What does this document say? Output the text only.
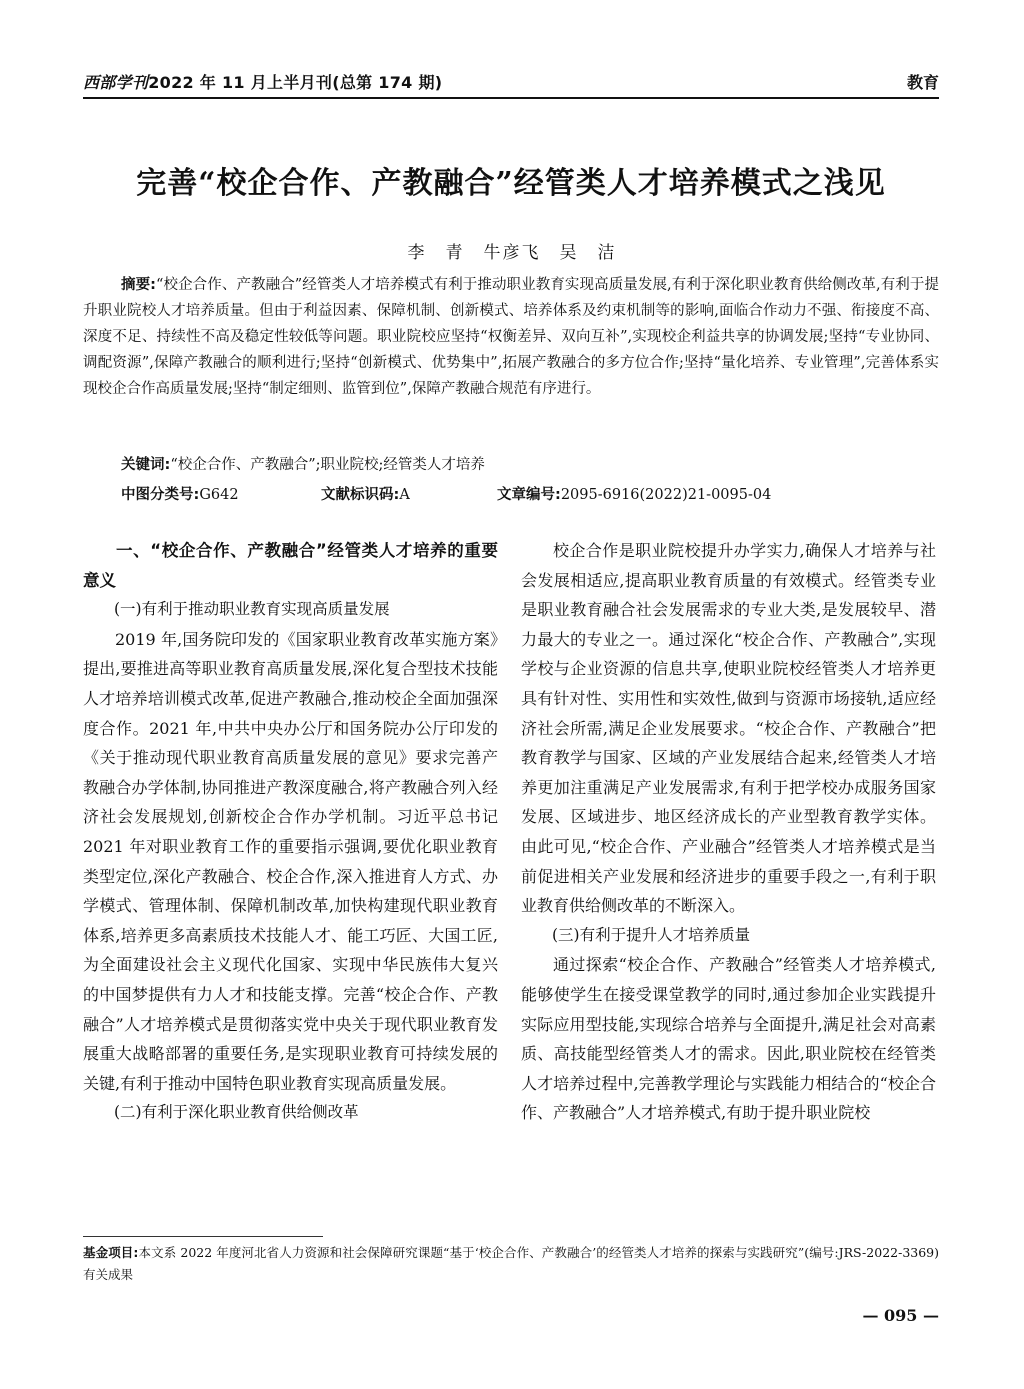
西部学刊2022 年 11 月上半月刊(总第 174 期)	教育
完善“校企合作、产教融合”经管类人才培养模式之浅见
李　青　牛彦飞　吴　洁

摘要:“校企合作、产教融合”经管类人才培养模式有利于推动职业教育实现高质量发展,有利于深化职业教育供给侧改革,有利于提升职业院校人才培养质量。但由于利益因素、保障机制、创新模式、培养体系及约束机制等的影响,面临合作动力不强、衔接度不高、深度不足、持续性不高及稳定性较低等问题。职业院校应坚持“权衡差异、双向互补”,实现校企利益共享的协调发展;坚持“专业协同、调配资源”,保障产教融合的顺利进行;坚持“创新模式、优势集中”,拓展产教融合的多方位合作;坚持“量化培养、专业管理”,完善体系实现校企合作高质量发展;坚持“制定细则、监管到位”,保障产教融合规范有序进行。

关键词:“校企合作、产教融合”;职业院校;经管类人才培养
中图分类号:G642	文献标识码:A	文章编号:2095-6916(2022)21-0095-04
一、“校企合作、产教融合”经管类人才培养的重要意义
(一)有利于推动职业教育实现高质量发展

2019 年,国务院印发的《国家职业教育改革实施方案》提出,要推进高等职业教育高质量发展,深化复合型技术技能人才培养培训模式改革,促进产教融合,推动校企全面加强深度合作。2021 年,中共中央办公厅和国务院办公厅印发的《关于推动现代职业教育高质量发展的意见》要求完善产教融合办学体制,协同推进产教深度融合,将产教融合列入经济社会发展规划,创新校企合作办学机制。习近平总书记 2021 年对职业教育工作的重要指示强调,要优化职业教育类型定位,深化产教融合、校企合作,深入推进育人方式、办学模式、管理体制、保障机制改革,加快构建现代职业教育体系,培养更多高素质技术技能人才、能工巧匠、大国工匠,为全面建设社会主义现代化国家、实现中华民族伟大复兴的中国梦提供有力人才和技能支撑。完善“校企合作、产教融合”人才培养模式是贯彻落实党中央关于现代职业教育发展重大战略部署的重要任务,是实现职业教育可持续发展的关键,有利于推动中国特色职业教育实现高质量发展。

(二)有利于深化职业教育供给侧改革

校企合作是职业院校提升办学实力,确保人才培养与社会发展相适应,提高职业教育质量的有效模式。经管类专业是职业教育融合社会发展需求的专业大类,是发展较早、潜力最大的专业之一。通过深化“校企合作、产教融合”,实现学校与企业资源的信息共享,使职业院校经管类人才培养更具有针对性、实用性和实效性,做到与资源市场接轨,适应经济社会所需,满足企业发展要求。“校企合作、产教融合”把教育教学与国家、区域的产业发展结合起来,经管类人才培养更加注重满足产业发展需求,有利于把学校办成服务国家发展、区域进步、地区经济成长的产业型教育教学实体。由此可见,“校企合作、产业融合”经管类人才培养模式是当前促进相关产业发展和经济进步的重要手段之一,有利于职业教育供给侧改革的不断深入。

(三)有利于提升人才培养质量

通过探索“校企合作、产教融合”经管类人才培养模式,能够使学生在接受课堂教学的同时,通过参加企业实践提升实际应用型技能,实现综合培养与全面提升,满足社会对高素质、高技能型经管类人才的需求。因此,职业院校在经管类人才培养过程中,完善教学理论与实践能力相结合的“校企合作、产教融合”人才培养模式,有助于提升职业院校

基金项目:本文系 2022 年度河北省人力资源和社会保障研究课题“基于‘校企合作、产教融合’的经管类人才培养的探索与实践研究”(编号:JRS-2022-3369)有关成果
— 095 —
